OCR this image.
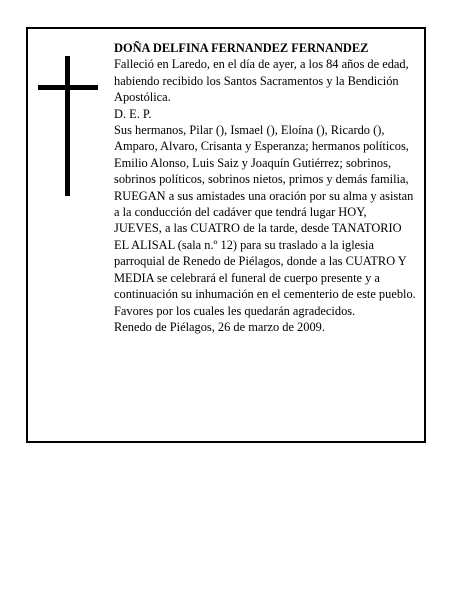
DOÑA DELFINA FERNANDEZ FERNANDEZ

Falleció en Laredo, en el día de ayer, a los 84 años de edad,

habiendo recibido los Santos Sacramentos y la Bendición Apostólica.

D. E. P.

Sus hermanos, Pilar (), Ismael (), Eloína (), Ricardo (), Amparo, Alvaro, Crisanta y Esperanza; hermanos políticos, Emilio Alonso, Luis Saiz y Joaquín Gutiérrez; sobrinos, sobrinos políticos, sobrinos nietos, primos y demás familia,

RUEGAN a sus amistades una oración por su alma y asistan a la conducción del cadáver que tendrá lugar HOY, JUEVES, a las CUATRO de la tarde, desde TANATORIO EL ALISAL (sala n.º 12) para su traslado a la iglesia parroquial de Renedo de Piélagos, donde a las CUATRO Y MEDIA se celebrará el funeral de cuerpo presente y a continuación su inhumación en el cementerio de este pueblo. Favores por los cuales les quedarán agradecidos.

Renedo de Piélagos, 26 de marzo de 2009.
